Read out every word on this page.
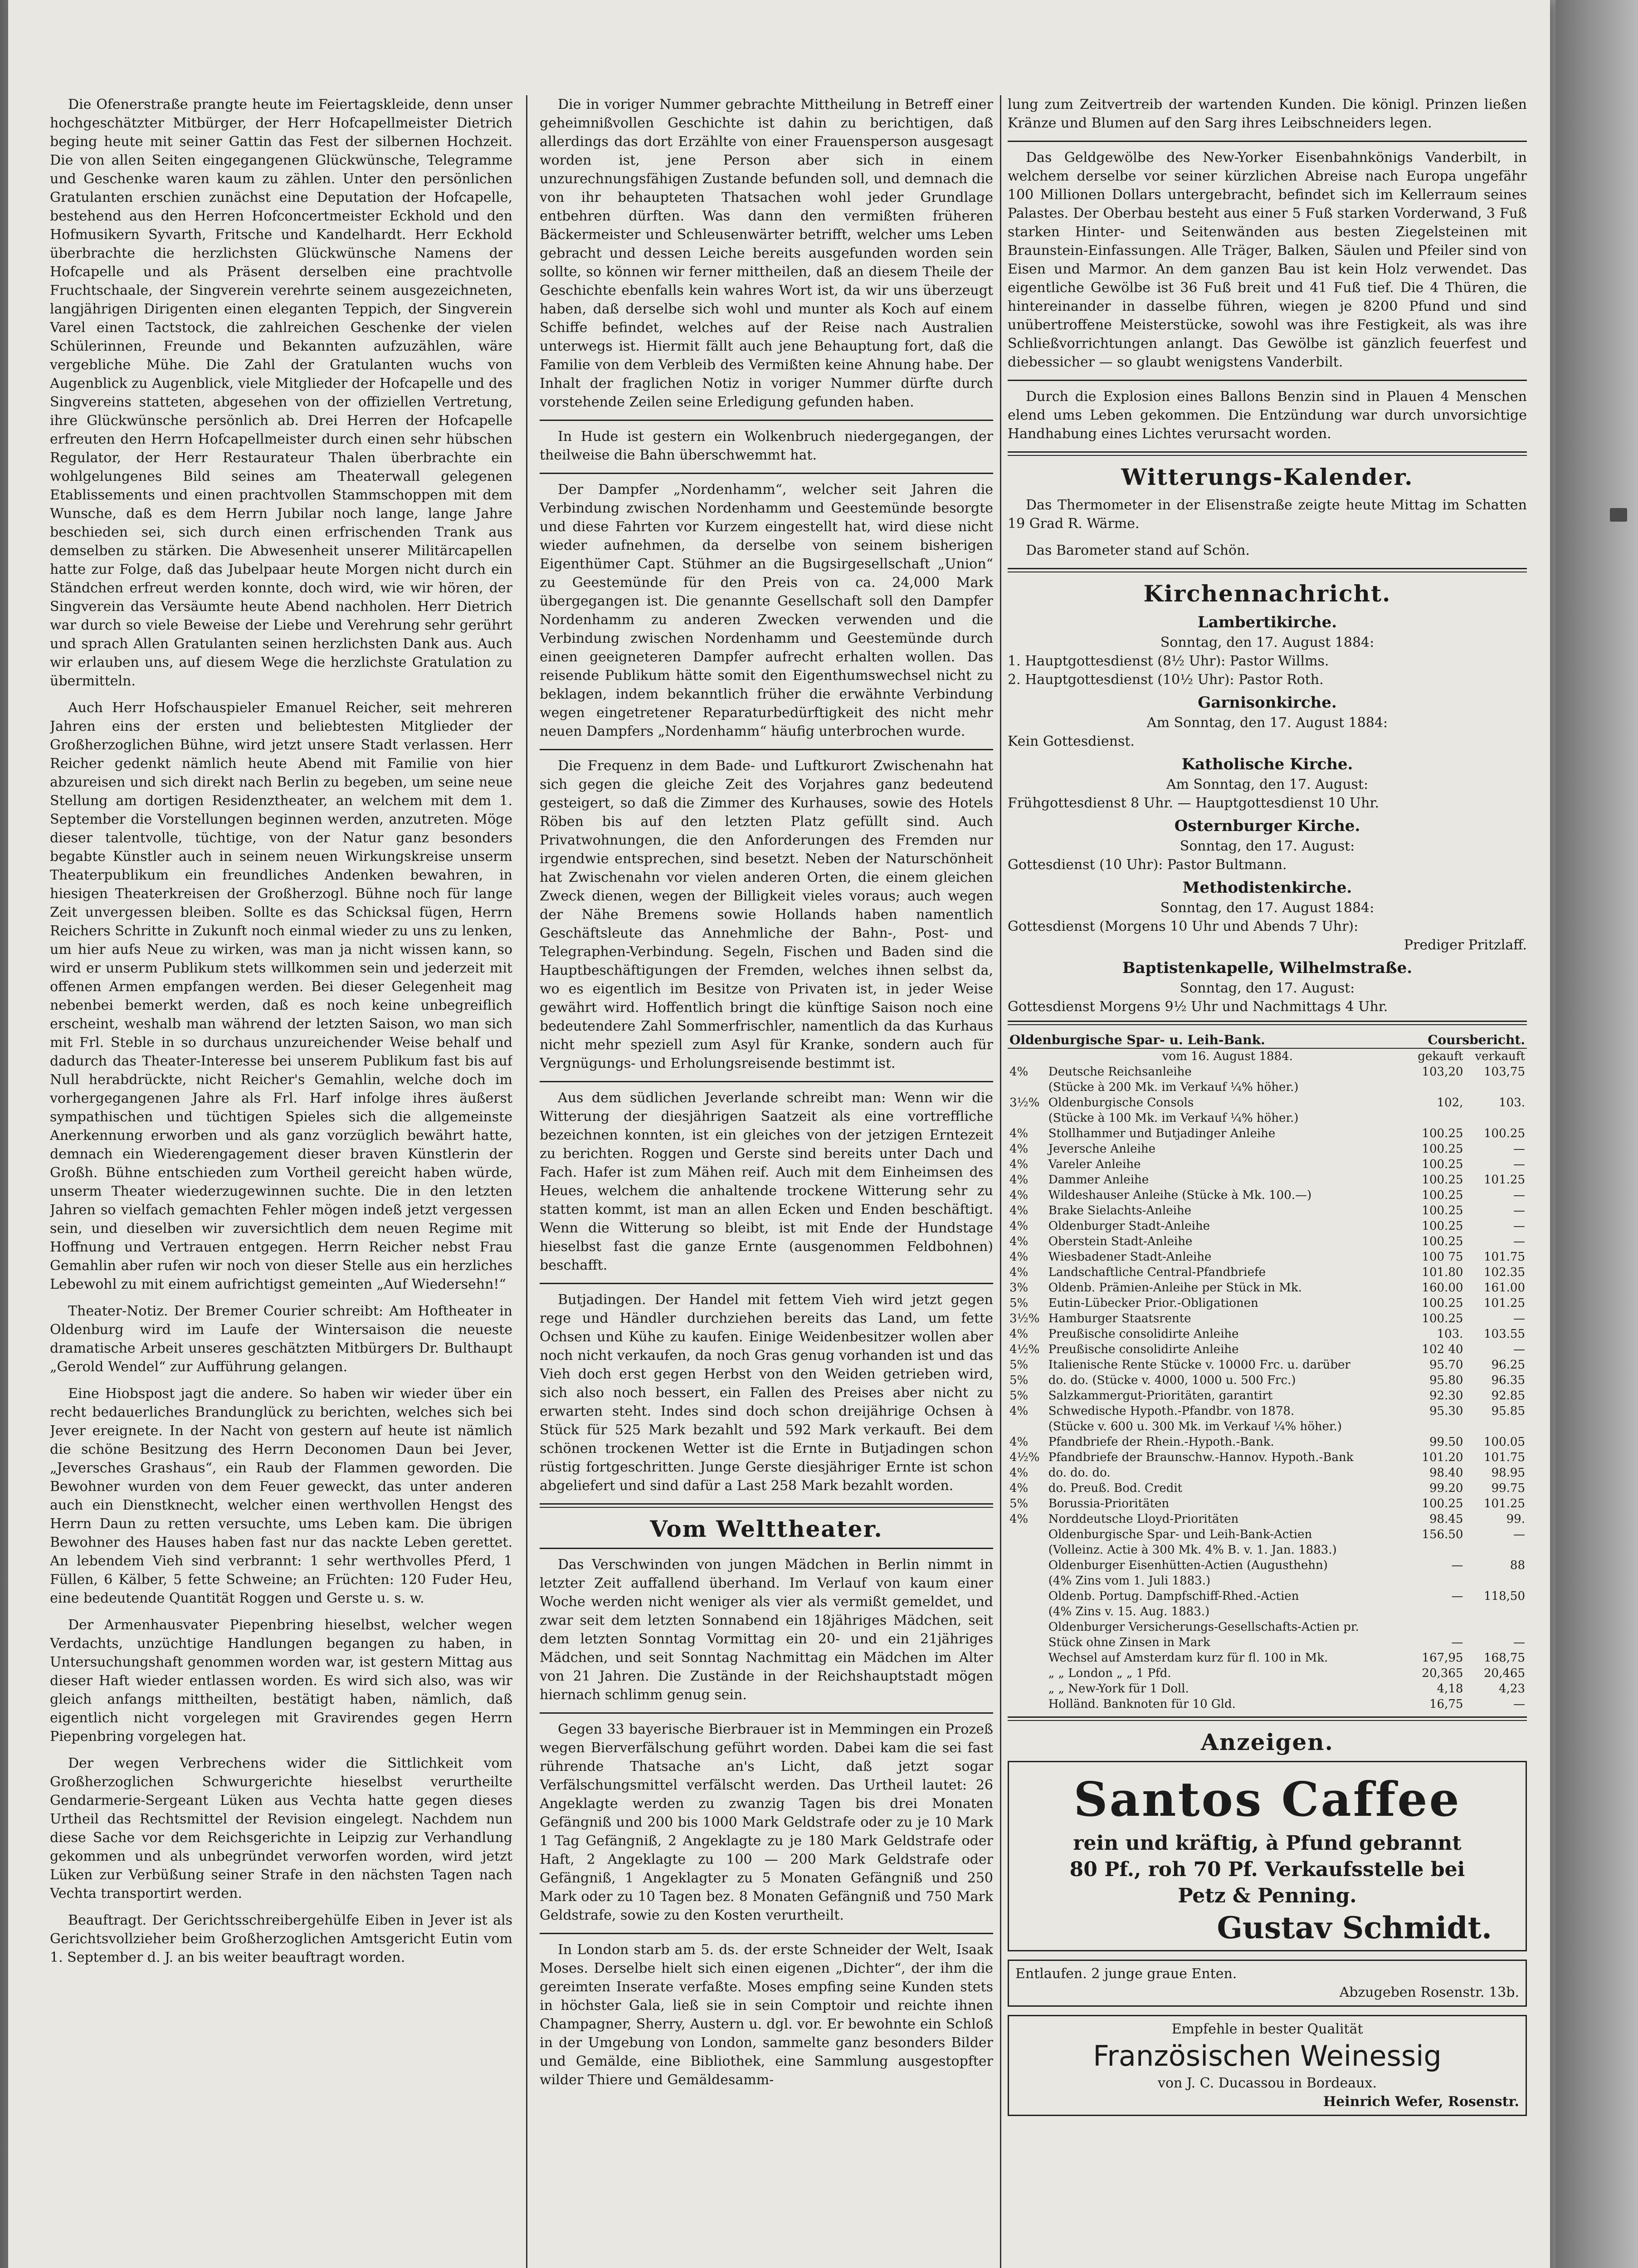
Die Ofenerstraße prangte heute im Feiertagskleide, denn unser hochgeschätzter Mitbürger, der Herr Hofcapellmeister Dietrich beging heute mit seiner Gattin das Fest der silbernen Hochzeit. Die von allen Seiten eingegangenen Glückwünsche, Telegramme und Geschenke waren kaum zu zählen. Unter den persönlichen Gratulanten erschien zunächst eine Deputation der Hofcapelle, bestehend aus den Herren Hofconcertmeister Eckhold und den Hofmusikern Syvarth, Fritsche und Kandelhardt. Herr Eckhold überbrachte die herzlichsten Glückwünsche Namens der Hofcapelle und als Präsent derselben eine prachtvolle Fruchtschaale, der Singverein verehrte seinem ausgezeichneten, langjährigen Dirigenten einen eleganten Teppich, der Singverein Varel einen Tactstock, die zahlreichen Geschenke der vielen Schülerinnen, Freunde und Bekannten aufzuzählen, wäre vergebliche Mühe. Die Zahl der Gratulanten wuchs von Augenblick zu Augenblick, viele Mitglieder der Hofcapelle und des Singvereins statteten, abgesehen von der offiziellen Vertretung, ihre Glückwünsche persönlich ab. Drei Herren der Hofcapelle erfreuten den Herrn Hofcapellmeister durch einen sehr hübschen Regulator, der Herr Restaurateur Thalen überbrachte ein wohlgelungenes Bild seines am Theaterwall gelegenen Etablissements und einen prachtvollen Stammschoppen mit dem Wunsche, daß es dem Herrn Jubilar noch lange, lange Jahre beschieden sei, sich durch einen erfrischenden Trank aus demselben zu stärken. Die Abwesenheit unserer Militärcapellen hatte zur Folge, daß das Jubelpaar heute Morgen nicht durch ein Ständchen erfreut werden konnte, doch wird, wie wir hören, der Singverein das Versäumte heute Abend nachholen. Herr Dietrich war durch so viele Beweise der Liebe und Verehrung sehr gerührt und sprach Allen Gratulanten seinen herzlichsten Dank aus. Auch wir erlauben uns, auf diesem Wege die herzlichste Gratulation zu übermitteln.

Auch Herr Hofschauspieler Emanuel Reicher, seit mehreren Jahren eins der ersten und beliebtesten Mitglieder der Großherzoglichen Bühne, wird jetzt unsere Stadt verlassen. Herr Reicher gedenkt nämlich heute Abend mit Familie von hier abzureisen und sich direkt nach Berlin zu begeben, um seine neue Stellung am dortigen Residenztheater, an welchem mit dem 1. September die Vorstellungen beginnen werden, anzutreten. Möge dieser talentvolle, tüchtige, von der Natur ganz besonders begabte Künstler auch in seinem neuen Wirkungskreise unserm Theaterpublikum ein freundliches Andenken bewahren, in hiesigen Theaterkreisen der Großherzogl. Bühne noch für lange Zeit unvergessen bleiben. Sollte es das Schicksal fügen, Herrn Reichers Schritte in Zukunft noch einmal wieder zu uns zu lenken, um hier aufs Neue zu wirken, was man ja nicht wissen kann, so wird er unserm Publikum stets willkommen sein und jederzeit mit offenen Armen empfangen werden. Bei dieser Gelegenheit mag nebenbei bemerkt werden, daß es noch keine unbegreiflich erscheint, weshalb man während der letzten Saison, wo man sich mit Frl. Steble in so durchaus unzureichender Weise behalf und dadurch das Theater-Interesse bei unserem Publikum fast bis auf Null herabdrückte, nicht Reicher's Gemahlin, welche doch im vorhergegangenen Jahre als Frl. Harf infolge ihres äußerst sympathischen und tüchtigen Spieles sich die allgemeinste Anerkennung erworben und als ganz vorzüglich bewährt hatte, demnach ein Wiederengagement dieser braven Künstlerin der Großh. Bühne entschieden zum Vortheil gereicht haben würde, unserm Theater wiederzugewinnen suchte. Die in den letzten Jahren so vielfach gemachten Fehler mögen indeß jetzt vergessen sein, und dieselben wir zuversichtlich dem neuen Regime mit Hoffnung und Vertrauen entgegen. Herrn Reicher nebst Frau Gemahlin aber rufen wir noch von dieser Stelle aus ein herzliches Lebewohl zu mit einem aufrichtigst gemeinten „Auf Wiedersehn!“

Theater-Notiz. Der Bremer Courier schreibt: Am Hoftheater in Oldenburg wird im Laufe der Wintersaison die neueste dramatische Arbeit unseres geschätzten Mitbürgers Dr. Bulthaupt „Gerold Wendel“ zur Aufführung gelangen.

Eine Hiobspost jagt die andere. So haben wir wieder über ein recht bedauerliches Brandunglück zu berichten, welches sich bei Jever ereignete. In der Nacht von gestern auf heute ist nämlich die schöne Besitzung des Herrn Deconomen Daun bei Jever, „Jeversches Grashaus“, ein Raub der Flammen geworden. Die Bewohner wurden von dem Feuer geweckt, das unter anderen auch ein Dienstknecht, welcher einen werthvollen Hengst des Herrn Daun zu retten versuchte, ums Leben kam. Die übrigen Bewohner des Hauses haben fast nur das nackte Leben gerettet. An lebendem Vieh sind verbrannt: 1 sehr werthvolles Pferd, 1 Füllen, 6 Kälber, 5 fette Schweine; an Früchten: 120 Fuder Heu, eine bedeutende Quantität Roggen und Gerste u. s. w.

Der Armenhausvater Piepenbring hieselbst, welcher wegen Verdachts, unzüchtige Handlungen begangen zu haben, in Untersuchungshaft genommen worden war, ist gestern Mittag aus dieser Haft wieder entlassen worden. Es wird sich also, was wir gleich anfangs mittheilten, bestätigt haben, nämlich, daß eigentlich nicht vorgelegen mit Gravirendes gegen Herrn Piepenbring vorgelegen hat.

Der wegen Verbrechens wider die Sittlichkeit vom Großherzoglichen Schwurgerichte hieselbst verurtheilte Gendarmerie-Sergeant Lüken aus Vechta hatte gegen dieses Urtheil das Rechtsmittel der Revision eingelegt. Nachdem nun diese Sache vor dem Reichsgerichte in Leipzig zur Verhandlung gekommen und als unbegründet verworfen worden, wird jetzt Lüken zur Verbüßung seiner Strafe in den nächsten Tagen nach Vechta transportirt werden.

Beauftragt. Der Gerichtsschreibergehülfe Eiben in Jever ist als Gerichtsvollzieher beim Großherzoglichen Amtsgericht Eutin vom 1. September d. J. an bis weiter beauftragt worden.

Die in voriger Nummer gebrachte Mittheilung in Betreff einer geheimnißvollen Geschichte ist dahin zu berichtigen, daß allerdings das dort Erzählte von einer Frauensperson ausgesagt worden ist, jene Person aber sich in einem unzurechnungsfähigen Zustande befunden soll, und demnach die von ihr behaupteten Thatsachen wohl jeder Grundlage entbehren dürften. Was dann den vermißten früheren Bäckermeister und Schleusenwärter betrifft, welcher ums Leben gebracht und dessen Leiche bereits ausgefunden worden sein sollte, so können wir ferner mittheilen, daß an diesem Theile der Geschichte ebenfalls kein wahres Wort ist, da wir uns überzeugt haben, daß derselbe sich wohl und munter als Koch auf einem Schiffe befindet, welches auf der Reise nach Australien unterwegs ist. Hiermit fällt auch jene Behauptung fort, daß die Familie von dem Verbleib des Vermißten keine Ahnung habe. Der Inhalt der fraglichen Notiz in voriger Nummer dürfte durch vorstehende Zeilen seine Erledigung gefunden haben.

In Hude ist gestern ein Wolkenbruch niedergegangen, der theilweise die Bahn überschwemmt hat.

Der Dampfer „Nordenhamm“, welcher seit Jahren die Verbindung zwischen Nordenhamm und Geestemünde besorgte und diese Fahrten vor Kurzem eingestellt hat, wird diese nicht wieder aufnehmen, da derselbe von seinem bisherigen Eigenthümer Capt. Stühmer an die Bugsirgesellschaft „Union“ zu Geestemünde für den Preis von ca. 24,000 Mark übergegangen ist. Die genannte Gesellschaft soll den Dampfer Nordenhamm zu anderen Zwecken verwenden und die Verbindung zwischen Nordenhamm und Geestemünde durch einen geeigneteren Dampfer aufrecht erhalten wollen. Das reisende Publikum hätte somit den Eigenthumswechsel nicht zu beklagen, indem bekanntlich früher die erwähnte Verbindung wegen eingetretener Reparaturbedürftigkeit des nicht mehr neuen Dampfers „Nordenhamm“ häufig unterbrochen wurde.

Die Frequenz in dem Bade- und Luftkurort Zwischenahn hat sich gegen die gleiche Zeit des Vorjahres ganz bedeutend gesteigert, so daß die Zimmer des Kurhauses, sowie des Hotels Röben bis auf den letzten Platz gefüllt sind. Auch Privatwohnungen, die den Anforderungen des Fremden nur irgendwie entsprechen, sind besetzt. Neben der Naturschönheit hat Zwischenahn vor vielen anderen Orten, die einem gleichen Zweck dienen, wegen der Billigkeit vieles voraus; auch wegen der Nähe Bremens sowie Hollands haben namentlich Geschäftsleute das Annehmliche der Bahn-, Post- und Telegraphen-Verbindung. Segeln, Fischen und Baden sind die Hauptbeschäftigungen der Fremden, welches ihnen selbst da, wo es eigentlich im Besitze von Privaten ist, in jeder Weise gewährt wird. Hoffentlich bringt die künftige Saison noch eine bedeutendere Zahl Sommerfrischler, namentlich da das Kurhaus nicht mehr speziell zum Asyl für Kranke, sondern auch für Vergnügungs- und Erholungsreisende bestimmt ist.

Aus dem südlichen Jeverlande schreibt man: Wenn wir die Witterung der diesjährigen Saatzeit als eine vortreffliche bezeichnen konnten, ist ein gleiches von der jetzigen Erntezeit zu berichten. Roggen und Gerste sind bereits unter Dach und Fach. Hafer ist zum Mähen reif. Auch mit dem Einheimsen des Heues, welchem die anhaltende trockene Witterung sehr zu statten kommt, ist man an allen Ecken und Enden beschäftigt. Wenn die Witterung so bleibt, ist mit Ende der Hundstage hieselbst fast die ganze Ernte (ausgenommen Feldbohnen) beschafft.

Butjadingen. Der Handel mit fettem Vieh wird jetzt gegen rege und Händler durchziehen bereits das Land, um fette Ochsen und Kühe zu kaufen. Einige Weidenbesitzer wollen aber noch nicht verkaufen, da noch Gras genug vorhanden ist und das Vieh doch erst gegen Herbst von den Weiden getrieben wird, sich also noch bessert, ein Fallen des Preises aber nicht zu erwarten steht. Indes sind doch schon dreijährige Ochsen à Stück für 525 Mark bezahlt und 592 Mark verkauft. Bei dem schönen trockenen Wetter ist die Ernte in Butjadingen schon rüstig fortgeschritten. Junge Gerste diesjähriger Ernte ist schon abgeliefert und sind dafür a Last 258 Mark bezahlt worden.

Vom Welttheater.

Das Verschwinden von jungen Mädchen in Berlin nimmt in letzter Zeit auffallend überhand. Im Verlauf von kaum einer Woche werden nicht weniger als vier als vermißt gemeldet, und zwar seit dem letzten Sonnabend ein 18jähriges Mädchen, seit dem letzten Sonntag Vormittag ein 20- und ein 21jähriges Mädchen, und seit Sonntag Nachmittag ein Mädchen im Alter von 21 Jahren. Die Zustände in der Reichshauptstadt mögen hiernach schlimm genug sein.

Gegen 33 bayerische Bierbrauer ist in Memmingen ein Prozeß wegen Bierverfälschung geführt worden. Dabei kam die sei fast rührende Thatsache an's Licht, daß jetzt sogar Verfälschungsmittel verfälscht werden. Das Urtheil lautet: 26 Angeklagte werden zu zwanzig Tagen bis drei Monaten Gefängniß und 200 bis 1000 Mark Geldstrafe oder zu je 10 Mark 1 Tag Gefängniß, 2 Angeklagte zu je 180 Mark Geldstrafe oder Haft, 2 Angeklagte zu 100 — 200 Mark Geldstrafe oder Gefängniß, 1 Angeklagter zu 5 Monaten Gefängniß und 250 Mark oder zu 10 Tagen bez. 8 Monaten Gefängniß und 750 Mark Geldstrafe, sowie zu den Kosten verurtheilt.

In London starb am 5. ds. der erste Schneider der Welt, Isaak Moses. Derselbe hielt sich einen eigenen „Dichter“, der ihm die gereimten Inserate verfaßte. Moses empfing seine Kunden stets in höchster Gala, ließ sie in sein Comptoir und reichte ihnen Champagner, Sherry, Austern u. dgl. vor. Er bewohnte ein Schloß in der Umgebung von London, sammelte ganz besonders Bilder und Gemälde, eine Bibliothek, eine Sammlung ausgestopfter wilder Thiere und Gemäldesamm-

lung zum Zeitvertreib der wartenden Kunden. Die königl. Prinzen ließen Kränze und Blumen auf den Sarg ihres Leibschneiders legen.

Das Geldgewölbe des New-Yorker Eisenbahnkönigs Vanderbilt, in welchem derselbe vor seiner kürzlichen Abreise nach Europa ungefähr 100 Millionen Dollars untergebracht, befindet sich im Kellerraum seines Palastes. Der Oberbau besteht aus einer 5 Fuß starken Vorderwand, 3 Fuß starken Hinter- und Seitenwänden aus besten Ziegelsteinen mit Braunstein-Einfassungen. Alle Träger, Balken, Säulen und Pfeiler sind von Eisen und Marmor. An dem ganzen Bau ist kein Holz verwendet. Das eigentliche Gewölbe ist 36 Fuß breit und 41 Fuß tief. Die 4 Thüren, die hintereinander in dasselbe führen, wiegen je 8200 Pfund und sind unübertroffene Meisterstücke, sowohl was ihre Festigkeit, als was ihre Schließvorrichtungen anlangt. Das Gewölbe ist gänzlich feuerfest und diebessicher — so glaubt wenigstens Vanderbilt.

Durch die Explosion eines Ballons Benzin sind in Plauen 4 Menschen elend ums Leben gekommen. Die Entzündung war durch unvorsichtige Handhabung eines Lichtes verursacht worden.

Witterungs-Kalender.

Das Thermometer in der Elisenstraße zeigte heute Mittag im Schatten 19 Grad R. Wärme.

Das Barometer stand auf Schön.

Kirchennachricht.
Lambertikirche.
Sonntag, den 17. August 1884:
1. Hauptgottesdienst (8½ Uhr): Pastor Willms.
2. Hauptgottesdienst (10½ Uhr): Pastor Roth.
Garnisonkirche.
Am Sonntag, den 17. August 1884:
Kein Gottesdienst.
Katholische Kirche.
Am Sonntag, den 17. August:
Frühgottesdienst 8 Uhr. — Hauptgottesdienst 10 Uhr.
Osternburger Kirche.
Sonntag, den 17. August:
Gottesdienst (10 Uhr): Pastor Bultmann.
Methodistenkirche.
Sonntag, den 17. August 1884:
Gottesdienst (Morgens 10 Uhr und Abends 7 Uhr):
Prediger Pritzlaff.
Baptistenkapelle, Wilhelmstraße.
Sonntag, den 17. August:
Gottesdienst Morgens 9½ Uhr und Nachmittags 4 Uhr.
Oldenburgische Spar- u. Leih-Bank.		Coursbericht.	
	vom 16. August 1884.	gekauft	verkauft
4%	Deutsche Reichsanleihe	103,20	103,75
	(Stücke à 200 Mk. im Verkauf ¼% höher.)		
3½%	Oldenburgische Consols	102,	103.
	(Stücke à 100 Mk. im Verkauf ¼% höher.)		
4%	Stollhammer und Butjadinger Anleihe	100.25	100.25
4%	Jeversche Anleihe	100.25	—
4%	Vareler Anleihe	100.25	—
4%	Dammer Anleihe	100.25	101.25
4%	Wildeshauser Anleihe (Stücke à Mk. 100.—)	100.25	—
4%	Brake Sielachts-Anleihe	100.25	—
4%	Oldenburger Stadt-Anleihe	100.25	—
4%	Oberstein Stadt-Anleihe	100.25	—
4%	Wiesbadener Stadt-Anleihe	100 75	101.75
4%	Landschaftliche Central-Pfandbriefe	101.80	102.35
3%	Oldenb. Prämien-Anleihe per Stück in Mk.	160.00	161.00
5%	Eutin-Lübecker Prior.-Obligationen	100.25	101.25
3½%	Hamburger Staatsrente	100.25	—
4%	Preußische consolidirte Anleihe	103.	103.55
4½%	Preußische consolidirte Anleihe	102 40	—
5%	Italienische Rente Stücke v. 10000 Frc. u. darüber	95.70	96.25
5%	do. do. (Stücke v. 4000, 1000 u. 500 Frc.)	95.80	96.35
5%	Salzkammergut-Prioritäten, garantirt	92.30	92.85
4%	Schwedische Hypoth.-Pfandbr. von 1878.	95.30	95.85
	(Stücke v. 600 u. 300 Mk. im Verkauf ¼% höher.)		
4%	Pfandbriefe der Rhein.-Hypoth.-Bank.	99.50	100.05
4½%	Pfandbriefe der Braunschw.-Hannov. Hypoth.-Bank	101.20	101.75
4%	do. do. do.	98.40	98.95
4%	do. Preuß. Bod. Credit	99.20	99.75
5%	Borussia-Prioritäten	100.25	101.25
4%	Norddeutsche Lloyd-Prioritäten	98.45	99.
	Oldenburgische Spar- und Leih-Bank-Actien	156.50	—
	(Volleinz. Actie à 300 Mk. 4% B. v. 1. Jan. 1883.)		
	Oldenburger Eisenhütten-Actien (Augusthehn)	—	88
	(4% Zins vom 1. Juli 1883.)		
	Oldenb. Portug. Dampfschiff-Rhed.-Actien	—	118,50
	(4% Zins v. 15. Aug. 1883.)		
	Oldenburger Versicherungs-Gesellschafts-Actien pr.		
	Stück ohne Zinsen in Mark	—	—
	Wechsel auf Amsterdam kurz für fl. 100 in Mk.	167,95	168,75
	„ „ London „ „ 1 Pfd.	20,365	20,465
	„ „ New-York für 1 Doll.	4,18	4,23
	Holländ. Banknoten für 10 Gld.	16,75	—
Anzeigen.
Santos Caffee
rein und kräftig, à Pfund gebrannt
80 Pf., roh 70 Pf. Verkaufsstelle bei
Petz & Penning.
Gustav Schmidt.
Entlaufen. 2 junge graue Enten.
Abzugeben Rosenstr. 13b.
Empfehle in bester Qualität
Französischen Weinessig
von J. C. Ducassou in Bordeaux.
Heinrich Wefer, Rosenstr.
